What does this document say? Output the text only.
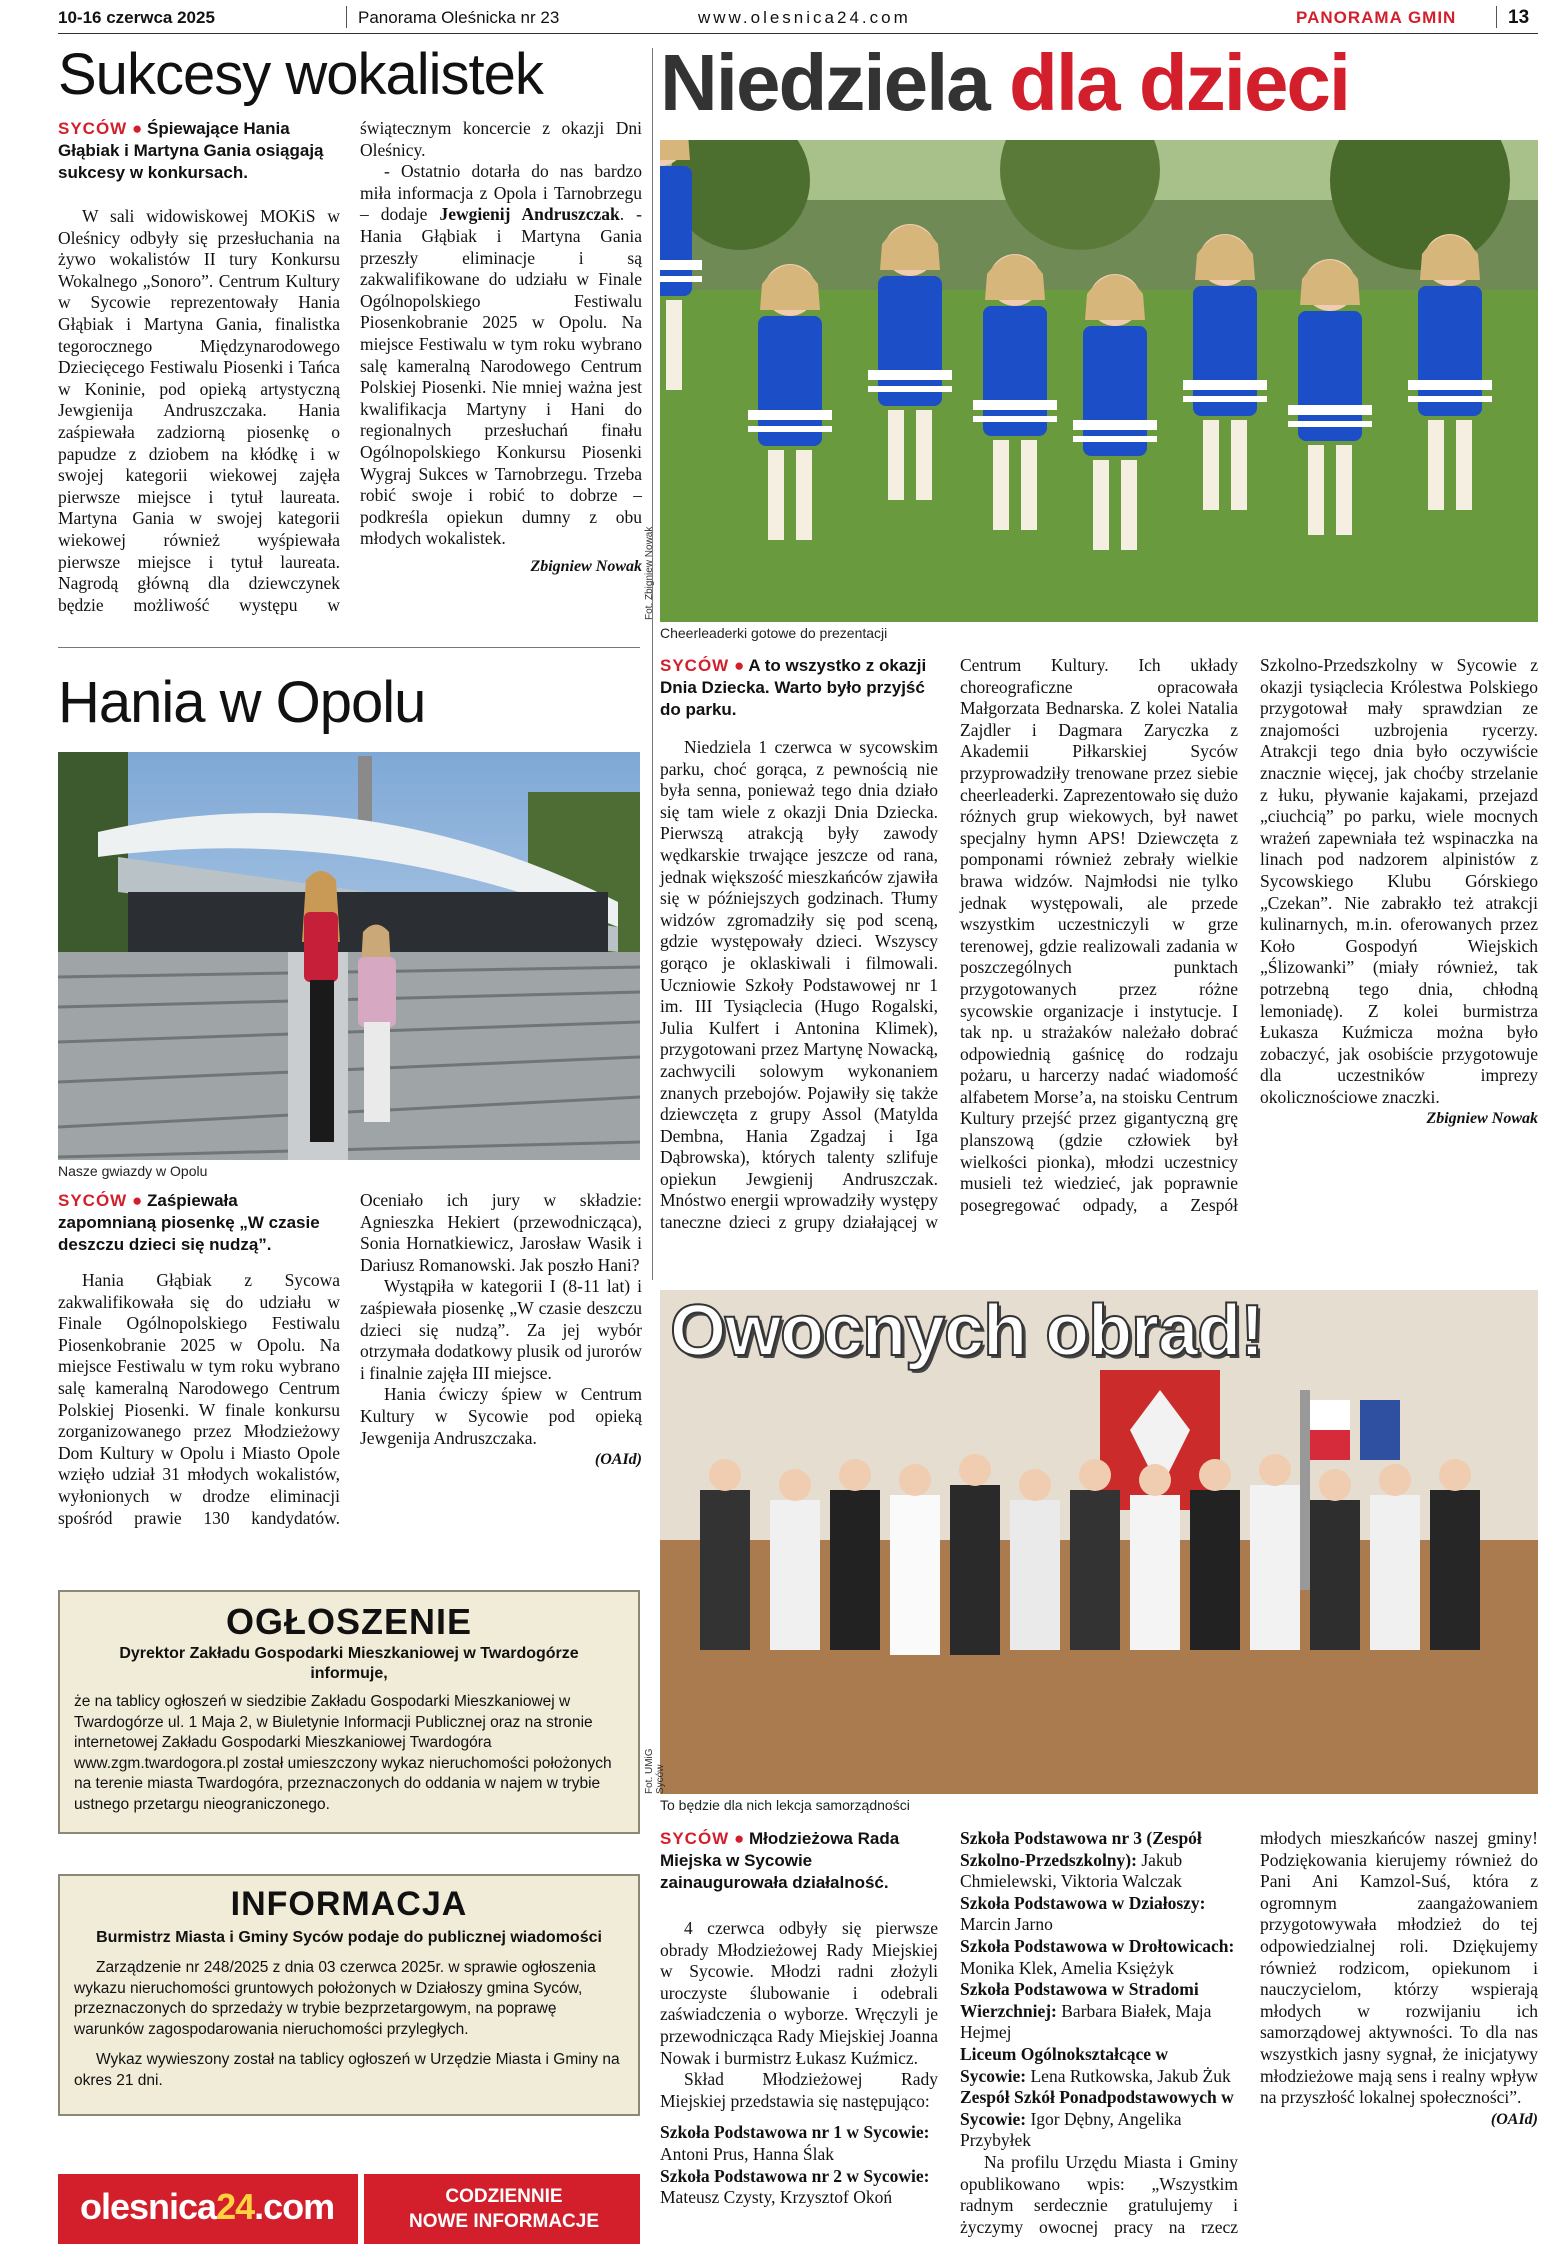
10-16 czerwca 2025	Panorama Oleśnicka nr 23	www.olesnica24.com	PANORAMA GMIN	13
Sukcesy wokalistek
SYCÓW ● Śpiewające Hania Głąbiak i Martyna Gania osiągają sukcesy w konkursach.

W sali widowiskowej MOKiS w Oleśnicy odbyły się przesłuchania na żywo wokalistów II tury Konkursu Wokalnego „Sonoro”. Centrum Kultury w Sycowie reprezentowały Hania Głąbiak i Martyna Gania, finalistka tegorocznego Międzynarodowego Dziecięcego Festiwalu Piosenki i Tańca w Koninie, pod opieką artystyczną Jewgienija Andruszczaka. Hania zaśpiewała zadziorną piosenkę o papudze z dziobem na kłódkę i w swojej kategorii wiekowej zajęła pierwsze miejsce i tytuł laureata. Martyna Gania w swojej kategorii wiekowej również wyśpiewała pierwsze miejsce i tytuł laureata. Nagrodą główną dla dziewczynek będzie możliwość występu w świątecznym koncercie z okazji Dni Oleśnicy.

- Ostatnio dotarła do nas bardzo miła informacja z Opola i Tarnobrzegu – dodaje Jewgienij Andruszczak. - Hania Głąbiak i Martyna Gania przeszły eliminacje i są zakwalifikowane do udziału w Finale Ogólnopolskiego Festiwalu Piosenkobranie 2025 w Opolu. Na miejsce Festiwalu w tym roku wybrano salę kameralną Narodowego Centrum Polskiej Piosenki. Nie mniej ważna jest kwalifikacja Martyny i Hani do regionalnych przesłuchań finału Ogólnopolskiego Konkursu Piosenki Wygraj Sukces w Tarnobrzegu. Trzeba robić swoje i robić to dobrze – podkreśla opiekun dumny z obu młodych wokalistek.

Zbigniew Nowak

Hania w Opolu
Nasze gwiazdy w Opolu
SYCÓW ● Zaśpiewała zapomnianą piosenkę „W czasie deszczu dzieci się nudzą”.

Hania Głąbiak z Sycowa zakwalifikowała się do udziału w Finale Ogólnopolskiego Festiwalu Piosenkobranie 2025 w Opolu. Na miejsce Festiwalu w tym roku wybrano salę kameralną Narodowego Centrum Polskiej Piosenki. W finale konkursu zorganizowanego przez Młodzieżowy Dom Kultury w Opolu i Miasto Opole wzięło udział 31 młodych wokalistów, wyłonionych w drodze eliminacji spośród prawie 130 kandydatów. Oceniało ich jury w składzie: Agnieszka Hekiert (przewodnicząca), Sonia Hornatkiewicz, Jarosław Wasik i Dariusz Romanowski. Jak poszło Hani?

Wystąpiła w kategorii I (8-11 lat) i zaśpiewała piosenkę „W czasie deszczu dzieci się nudzą”. Za jej wybór otrzymała dodatkowy plusik od jurorów i finalnie zajęła III miejsce.

Hania ćwiczy śpiew w Centrum Kultury w Sycowie pod opieką Jewgenija Andruszczaka.

(OAId)

OGŁOSZENIE
Dyrektor Zakładu Gospodarki Mieszkaniowej w Twardogórze informuje,
że na tablicy ogłoszeń w siedzibie Zakładu Gospodarki Mieszkaniowej w Twardogórze ul. 1 Maja 2, w Biuletynie Informacji Publicznej oraz na stronie internetowej Zakładu Gospodarki Mieszkaniowej Twardogóra www.zgm.twardogora.pl został umieszczony wykaz nieruchomości położonych na terenie miasta Twardogóra, przeznaczonych do oddania w najem w trybie ustnego przetargu nieograniczonego.
INFORMACJA
Burmistrz Miasta i Gminy Syców podaje do publicznej wiadomości
Zarządzenie nr 248/2025 z dnia 03 czerwca 2025r. w sprawie ogłoszenia wykazu nieruchomości gruntowych położonych w Działoszy gmina Syców, przeznaczonych do sprzedaży w trybie bezprzetargowym, na poprawę warunków zagospodarowania nieruchomości przyległych.
Wykaz wywieszony został na tablicy ogłoszeń w Urzędzie Miasta i Gminy na okres 21 dni.
olesnica24.com	CODZIENNIE
NOWE INFORMACJE
Niedziela dla dzieci
Fot. Zbigniew Nowak
Cheerleaderki gotowe do prezentacji
SYCÓW ● A to wszystko z okazji Dnia Dziecka. Warto było przyjść do parku.

Niedziela 1 czerwca w sycowskim parku, choć gorąca, z pewnością nie była senna, ponieważ tego dnia działo się tam wiele z okazji Dnia Dziecka. Pierwszą atrakcją były zawody wędkarskie trwające jeszcze od rana, jednak większość mieszkańców zjawiła się w późniejszych godzinach. Tłumy widzów zgromadziły się pod sceną, gdzie występowały dzieci. Wszyscy gorąco je oklaskiwali i filmowali. Uczniowie Szkoły Podstawowej nr 1 im. III Tysiąclecia (Hugo Rogalski, Julia Kulfert i Antonina Klimek), przygotowani przez Martynę Nowacką, zachwycili solowym wykonaniem znanych przebojów. Pojawiły się także dziewczęta z grupy Assol (Matylda Dembna, Hania Zgadzaj i Iga Dąbrowska), których talenty szlifuje opiekun Jewgienij Andruszczak. Mnóstwo energii wprowadziły występy taneczne dzieci z grupy działającej w Centrum Kultury. Ich układy choreograficzne opracowała Małgorzata Bednarska. Z kolei Natalia Zajdler i Dagmara Zaryczka z Akademii Piłkarskiej Syców przyprowadziły trenowane przez siebie cheerleaderki. Zaprezentowało się dużo różnych grup wiekowych, był nawet specjalny hymn APS! Dziewczęta z pomponami również zebrały wielkie brawa widzów. Najmłodsi nie tylko jednak występowali, ale przede wszystkim uczestniczyli w grze terenowej, gdzie realizowali zadania w poszczególnych punktach przygotowanych przez różne sycowskie organizacje i instytucje. I tak np. u strażaków należało dobrać odpowiednią gaśnicę do rodzaju pożaru, u harcerzy nadać wiadomość alfabetem Morse’a, na stoisku Centrum Kultury przejść przez gigantyczną grę planszową (gdzie człowiek był wielkości pionka), młodzi uczestnicy musieli też wiedzieć, jak poprawnie posegregować odpady, a Zespół Szkolno-Przedszkolny w Sycowie z okazji tysiąclecia Królestwa Polskiego przygotował mały sprawdzian ze znajomości uzbrojenia rycerzy. Atrakcji tego dnia było oczywiście znacznie więcej, jak choćby strzelanie z łuku, pływanie kajakami, przejazd „ciuchcią” po parku, wiele mocnych wrażeń zapewniała też wspinaczka na linach pod nadzorem alpinistów z Sycowskiego Klubu Górskiego „Czekan”. Nie zabrakło też atrakcji kulinarnych, m.in. oferowanych przez Koło Gospodyń Wiejskich „Ślizowanki” (miały również, tak potrzebną tego dnia, chłodną lemoniadę). Z kolei burmistrza Łukasza Kuźmicza można było zobaczyć, jak osobiście przygotowuje dla uczestników imprezy okolicznościowe znaczki.

Zbigniew Nowak

Owocnych obrad!
Fot. UMiG Syców
To będzie dla nich lekcja samorządności
SYCÓW ● Młodzieżowa Rada Miejska w Sycowie zainaugurowała działalność.

4 czerwca odbyły się pierwsze obrady Młodzieżowej Rady Miejskiej w Sycowie. Młodzi radni złożyli uroczyste ślubowanie i odebrali zaświadczenia o wyborze. Wręczyli je przewodnicząca Rady Miejskiej Joanna Nowak i burmistrz Łukasz Kuźmicz.

Skład Młodzieżowej Rady Miejskiej przedstawia się następująco:

Szkoła Podstawowa nr 1 w Sycowie: Antoni Prus, Hanna Ślak

Szkoła Podstawowa nr 2 w Sycowie: Mateusz Czysty, Krzysztof Okoń

Szkoła Podstawowa nr 3 (Zespół Szkolno-Przedszkolny): Jakub Chmielewski, Viktoria Walczak

Szkoła Podstawowa w Działoszy: Marcin Jarno

Szkoła Podstawowa w Drołtowicach: Monika Klek, Amelia Księżyk

Szkoła Podstawowa w Stradomi Wierzchniej: Barbara Białek, Maja Hejmej

Liceum Ogólnokształcące w Sycowie: Lena Rutkowska, Jakub Żuk

Zespół Szkół Ponadpodstawowych w Sycowie: Igor Dębny, Angelika Przybyłek

Na profilu Urzędu Miasta i Gminy opublikowano wpis: „Wszystkim radnym serdecznie gratulujemy i życzymy owocnej pracy na rzecz młodych mieszkańców naszej gminy! Podziękowania kierujemy również do Pani Ani Kamzol-Suś, która z ogromnym zaangażowaniem przygotowywała młodzież do tej odpowiedzialnej roli. Dziękujemy również rodzicom, opiekunom i nauczycielom, którzy wspierają młodych w rozwijaniu ich samorządowej aktywności. To dla nas wszystkich jasny sygnał, że inicjatywy młodzieżowe mają sens i realny wpływ na przyszłość lokalnej społeczności”.

(OAId)
